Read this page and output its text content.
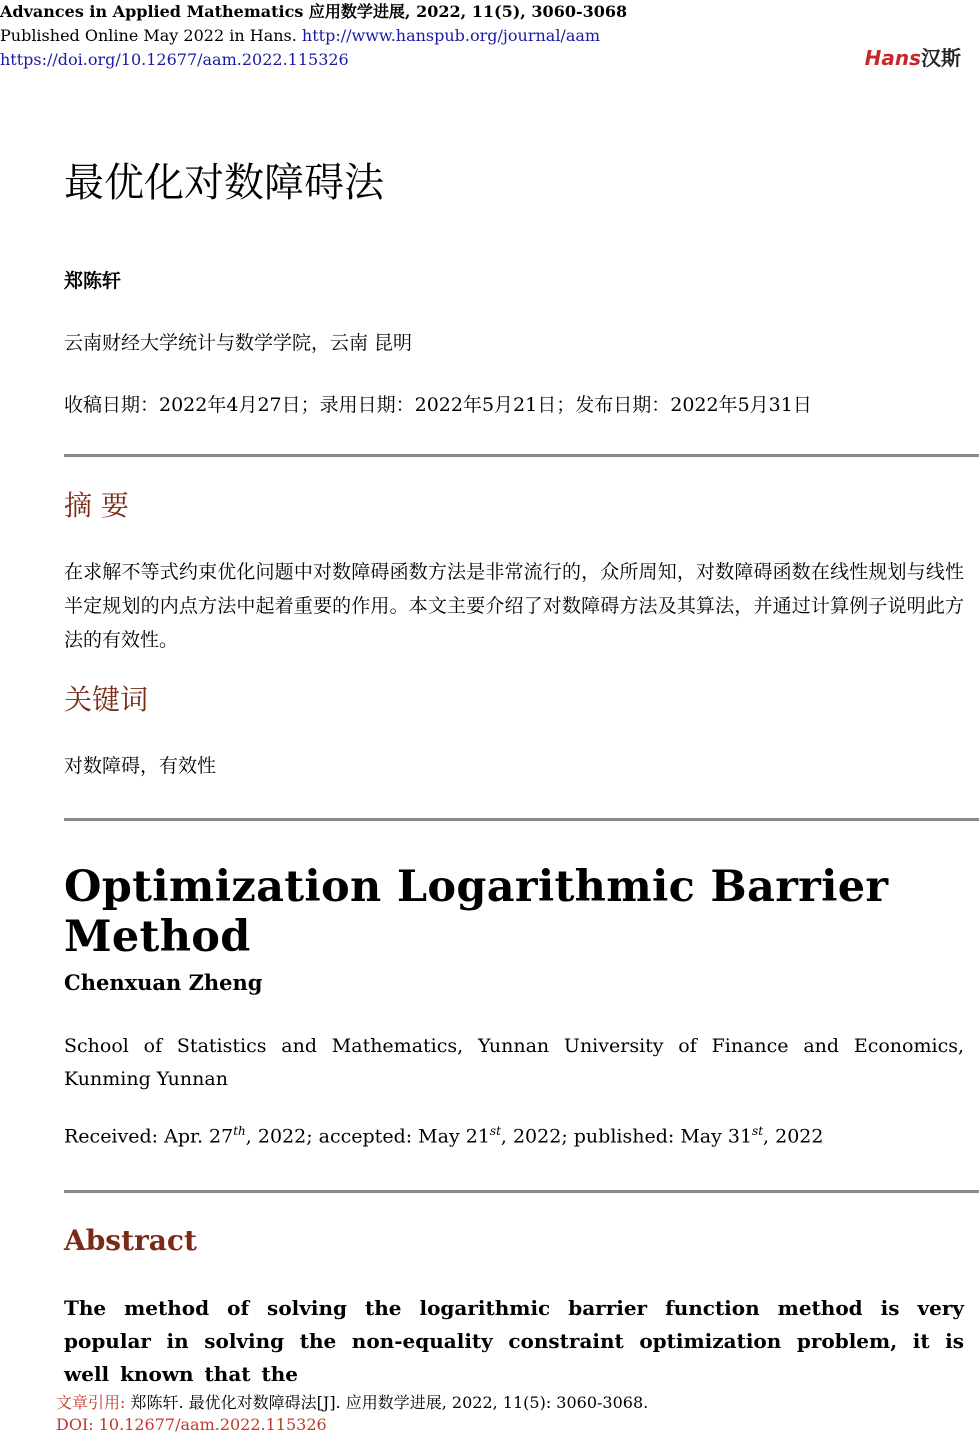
Advances in Applied Mathematics 应用数学进展, 2022, 11(5), 3060-3068
Published Online May 2022 in Hans. http://www.hanspub.org/journal/aam
https://doi.org/10.12677/aam.2022.115326	Hans汉斯
最优化对数障碍法
郑陈轩
云南财经大学统计与数学学院，云南 昆明
收稿日期：2022年4月27日；录用日期：2022年5月21日；发布日期：2022年5月31日
摘 要
在求解不等式约束优化问题中对数障碍函数方法是非常流行的，众所周知，对数障碍函数在线性规划与线性半定规划的内点方法中起着重要的作用。本文主要介绍了对数障碍方法及其算法，并通过计算例子说明此方法的有效性。
关键词
对数障碍，有效性
Optimization Logarithmic Barrier Method
Chenxuan Zheng
School of Statistics and Mathematics, Yunnan University of Finance and Economics, Kunming Yunnan
Received: Apr. 27th, 2022; accepted: May 21st, 2022; published: May 31st, 2022
Abstract
The method of solving the logarithmic barrier function method is very popular in solving the non-equality constraint optimization problem, it is well known that the
文章引用: 郑陈轩. 最优化对数障碍法[J]. 应用数学进展, 2022, 11(5): 3060-3068.
DOI: 10.12677/aam.2022.115326
